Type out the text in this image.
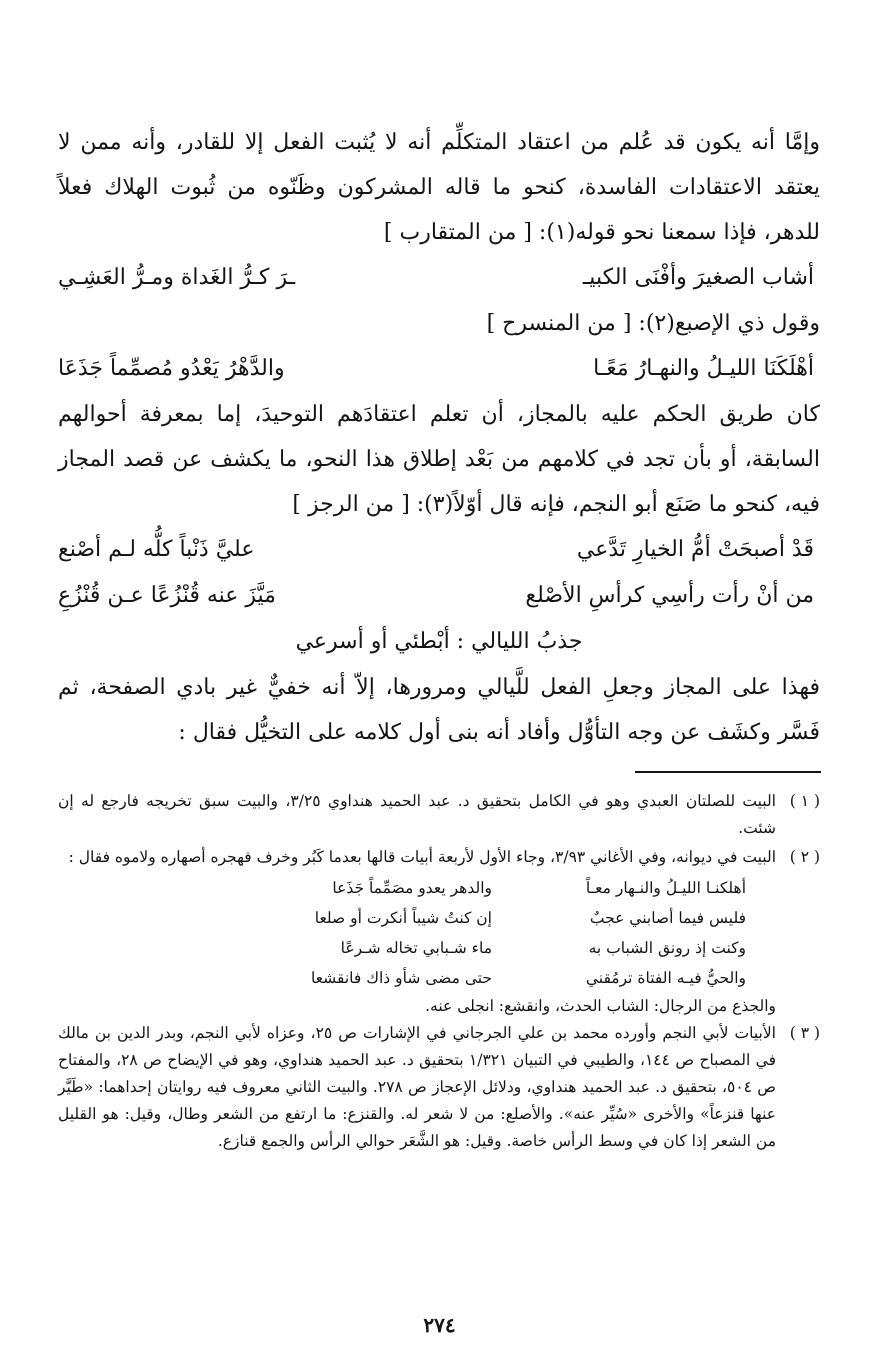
وإمَّا أنه يكون قد عُلم من اعتقاد المتكلِّم أنه لا يُثبت الفعل إلا للقادر، وأنه ممن لا يعتقد الاعتقادات الفاسدة، كنحو ما قاله المشركون وظَنّوه من ثُبوت الهلاك فعلاً للدهر، فإذا سمعنا نحو قوله(١): [ من المتقارب ]

أشاب الصغيرَ وأفْنَى الكبيـ
ـرَ كـرُّ الغَداة ومـرُّ العَشِـي

وقول ذي الإصبع(٢): [ من المنسرح ]

أهْلَكَنَا الليـلُ والنهـارُ مَعًـا
والدَّهْرُ يَعْدُو مُصمِّماً جَذَعَا

كان طريق الحكم عليه بالمجاز، أن تعلم اعتقادَهم التوحيدَ، إما بمعرفة أحوالهم السابقة، أو بأن تجد في كلامهم من بَعْد إطلاق هذا النحو، ما يكشف عن قصد المجاز فيه، كنحو ما صَنَع أبو النجم، فإنه قال أوّلاً(٣): [ من الرجز ]

قَدْ أصبحَتْ أمُّ الخيارِ تَدَّعي
عليَّ ذَنْباً كلُّه لـم أصْنع
من أنْ رأت رأسِي كرأسِ الأصْلع
مَيَّزَ عنه قُنْزُعًا عـن قُنْزُعِ

جذبُ الليالي : أبْطئي أو أسرعي

فهذا على المجاز وجعلِ الفعل للَّيالي ومرورها، إلاّ أنه خفيٌّ غير بادي الصفحة، ثم فَسَّر وكشَف عن وجه التأوُّل وأفاد أنه بنى أول كلامه على التخيُّل فقال :

( ١ )
البيت للصلتان العبدي وهو في الكامل بتحقيق د. عبد الحميد هنداوي ٣/٢٥، والبيت سبق تخريجه فارجع له إن شئت.
( ٢ )
البيت في ديوانه، وفي الأغاني ٣/٩٣، وجاء الأول لأربعة أبيات قالها بعدما كَبُر وخرف فهجره أصهاره ولاموه فقال :
أهلكنـا الليـلُ والنـهار معـاً
والدهر يعدو مصَمِّماً جَذَعا
فليس فيما أصابني عجبٌ
إن كنتُ شيباً أنكرت أو صلعا
وكنت إذ رونق الشباب به
ماء شـبابي تخاله شـرعًا
والحيُّ فيـه الفتاة ترمُقني
حتى مضى شأو ذاك فانقشعا
والجذع من الرجال: الشاب الحدث، وانقشع: انجلى عنه.
( ٣ )
الأبيات لأبي النجم وأورده محمد بن علي الجرجاني في الإشارات ص ٢٥، وعزاه لأبي النجم، وبدر الدين بن مالك في المصباح ص ١٤٤، والطيبي في التبيان ١/٣٢١ بتحقيق د. عبد الحميد هنداوي، وهو في الإيضاح ص ٢٨، والمفتاح ص ٥٠٤، بتحقيق د. عبد الحميد هنداوي، ودلائل الإعجاز ص ٢٧٨. والبيت الثاني معروف فيه روايتان إحداهما: «طَيَّر عنها قنزعاً» والأخرى «سُيِّر عنه». والأصلع: من لا شعر له. والقنزع: ما ارتفع من الشعر وطال، وقيل: هو القليل من الشعر إذا كان في وسط الرأس خاصة. وقيل: هو الشَّعَر حوالي الرأس والجمع قنازع.
٢٧٤
